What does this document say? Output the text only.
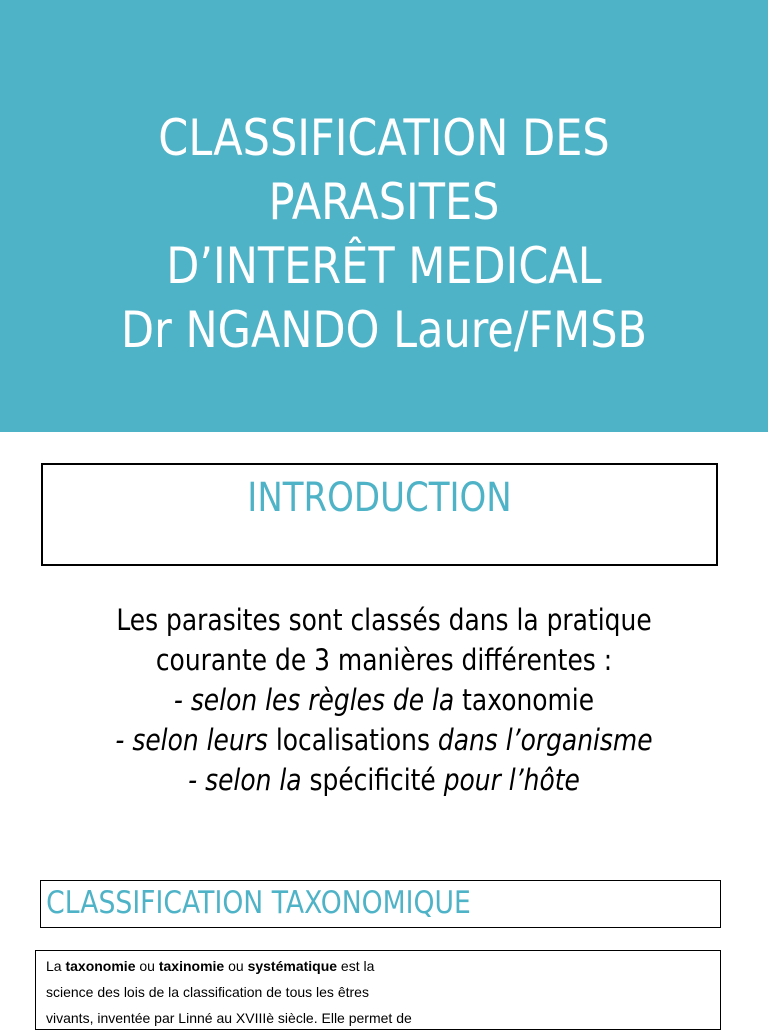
CLASSIFICATION DES
PARASITES
D’INTERÊT MEDICAL
Dr NGANDO Laure/FMSB
INTRODUCTION
Les parasites sont classés dans la pratique
courante de 3 manières différentes :
- selon les règles de la taxonomie
- selon leurs localisations dans l’organisme
- selon la spécificité pour l’hôte
CLASSIFICATION TAXONOMIQUE
La taxonomie ou taxinomie ou systématique est la
science des lois de la classification de tous les êtres
vivants, inventée par Linné au XVIIIè siècle. Elle permet de
